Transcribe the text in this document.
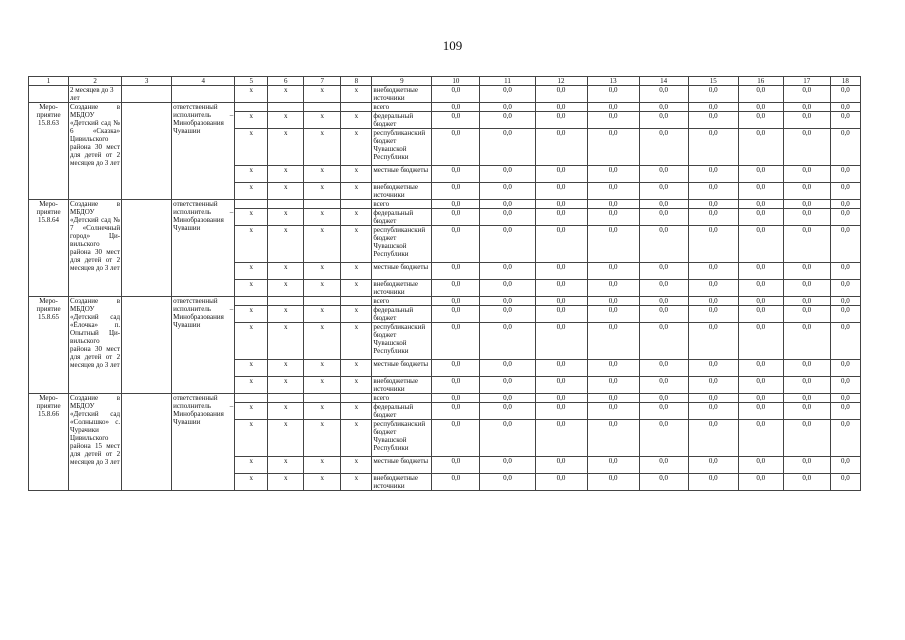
109
1	2	3	4	5	6	7	8	9	10	11	12	13	14	15	16	17	18
	2 месяцев до 3 лет			х	х	х	х	внебюджетные источники	0,0	0,0	0,0	0,0	0,0	0,0	0,0	0,0	0,0
Мероприятие 15.8.63	Создание в МБДОУ «Детский сад № 6 «Сказка» Цивильского района 30 мест для детей от 2 месяцев до 3 лет		ответственный исполнитель – Минобразования Чувашии					всего	0,0	0,0	0,0	0,0	0,0	0,0	0,0	0,0	0,0
				х	х	х	х	федеральный бюджет	0,0	0,0	0,0	0,0	0,0	0,0	0,0	0,0	0,0
				х	х	х	х	республиканский бюджет Чувашской Республики	0,0	0,0	0,0	0,0	0,0	0,0	0,0	0,0	0,0
				х	х	х	х	местные бюджеты	0,0	0,0	0,0	0,0	0,0	0,0	0,0	0,0	0,0
				х	х	х	х	внебюджетные источники	0,0	0,0	0,0	0,0	0,0	0,0	0,0	0,0	0,0
Мероприятие 15.8.64	Создание в МБДОУ «Детский сад № 7 «Солнечный город» Цивильского района 30 мест для детей от 2 месяцев до 3 лет		ответственный исполнитель – Минобразования Чувашии					всего	0,0	0,0	0,0	0,0	0,0	0,0	0,0	0,0	0,0
				х	х	х	х	федеральный бюджет	0,0	0,0	0,0	0,0	0,0	0,0	0,0	0,0	0,0
				х	х	х	х	республиканский бюджет Чувашской Республики	0,0	0,0	0,0	0,0	0,0	0,0	0,0	0,0	0,0
				х	х	х	х	местные бюджеты	0,0	0,0	0,0	0,0	0,0	0,0	0,0	0,0	0,0
				х	х	х	х	внебюджетные источники	0,0	0,0	0,0	0,0	0,0	0,0	0,0	0,0	0,0
Мероприятие 15.8.65	Создание в МБДОУ «Детский сад «Ёлочка» п. Опытный Цивильского района 30 мест для детей от 2 месяцев до 3 лет		ответственный исполнитель – Минобразования Чувашии					всего	0,0	0,0	0,0	0,0	0,0	0,0	0,0	0,0	0,0
				х	х	х	х	федеральный бюджет	0,0	0,0	0,0	0,0	0,0	0,0	0,0	0,0	0,0
				х	х	х	х	республиканский бюджет Чувашской Республики	0,0	0,0	0,0	0,0	0,0	0,0	0,0	0,0	0,0
				х	х	х	х	местные бюджеты	0,0	0,0	0,0	0,0	0,0	0,0	0,0	0,0	0,0
				х	х	х	х	внебюджетные источники	0,0	0,0	0,0	0,0	0,0	0,0	0,0	0,0	0,0
Мероприятие 15.8.66	Создание в МБДОУ «Детский сад «Солнышко» с. Чурачики Цивильского района 15 мест для детей от 2 месяцев до 3 лет		ответственный исполнитель – Минобразования Чувашии					всего	0,0	0,0	0,0	0,0	0,0	0,0	0,0	0,0	0,0
				х	х	х	х	федеральный бюджет	0,0	0,0	0,0	0,0	0,0	0,0	0,0	0,0	0,0
				х	х	х	х	республиканский бюджет Чувашской Республики	0,0	0,0	0,0	0,0	0,0	0,0	0,0	0,0	0,0
				х	х	х	х	местные бюджеты	0,0	0,0	0,0	0,0	0,0	0,0	0,0	0,0	0,0
				х	х	х	х	внебюджетные источники	0,0	0,0	0,0	0,0	0,0	0,0	0,0	0,0	0,0
